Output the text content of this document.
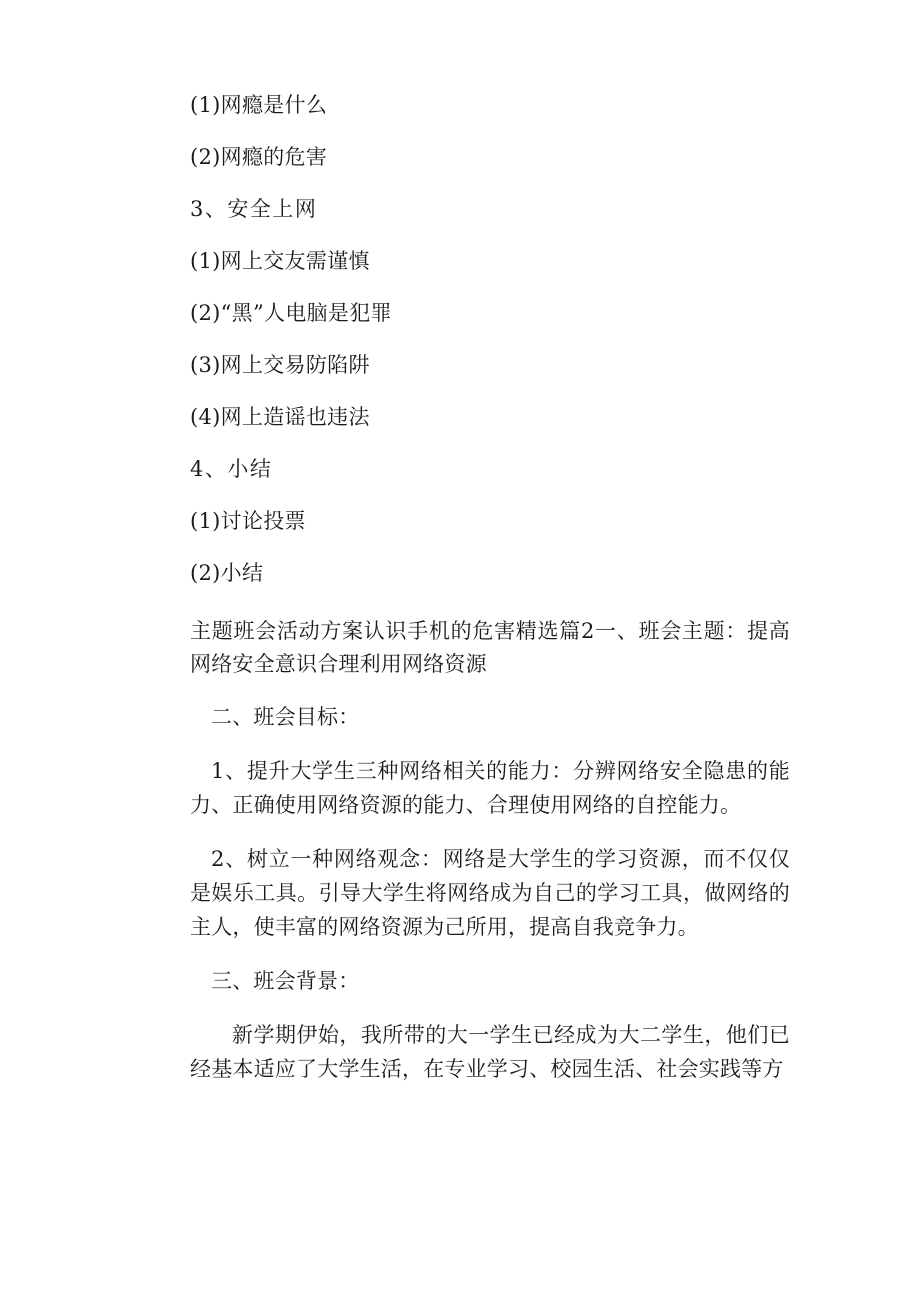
(1)网瘾是什么

(2)网瘾的危害

3、安全上网

(1)网上交友需谨慎

(2)“黑”人电脑是犯罪

(3)网上交易防陷阱

(4)网上造谣也违法

4、小结

(1)讨论投票

(2)小结

主题班会活动方案认识手机的危害精选篇2一、班会主题：提高网络安全意识合理利用网络资源

二、班会目标：

1、提升大学生三种网络相关的能力：分辨网络安全隐患的能力、正确使用网络资源的能力、合理使用网络的自控能力。

2、树立一种网络观念：网络是大学生的学习资源，而不仅仅是娱乐工具。引导大学生将网络成为自己的学习工具，做网络的主人，使丰富的网络资源为己所用，提高自我竞争力。

三、班会背景：

新学期伊始，我所带的大一学生已经成为大二学生，他们已经基本适应了大学生活，在专业学习、校园生活、社会实践等方
